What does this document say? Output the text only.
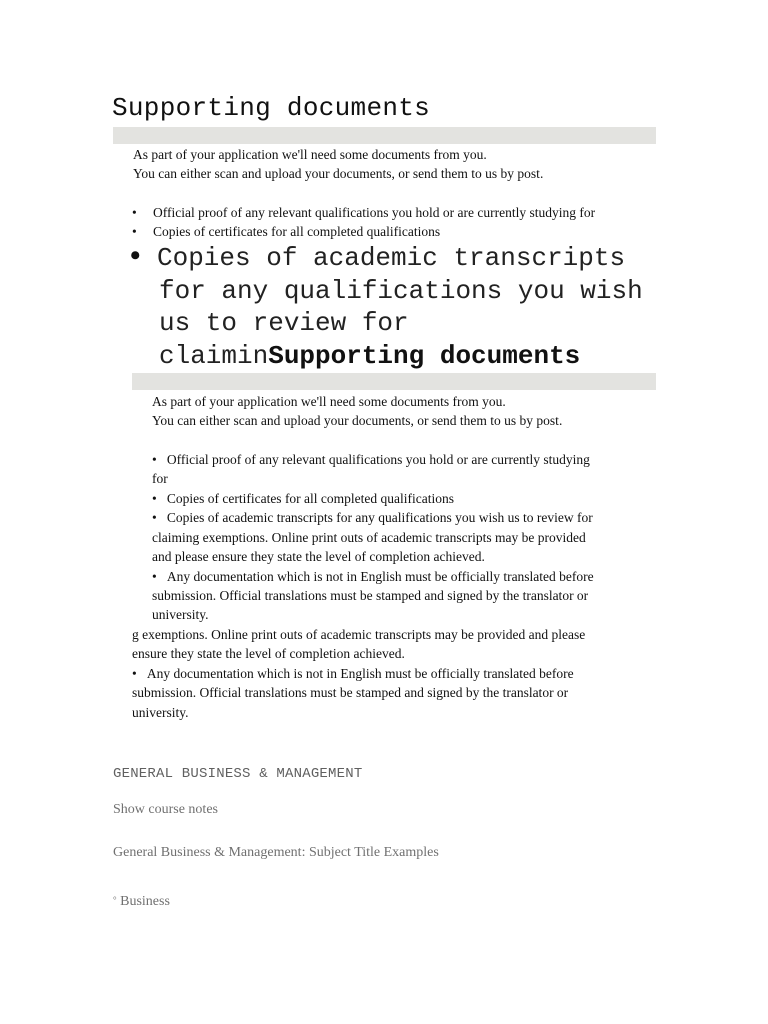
Supporting documents
As part of your application we'll need some documents from you.
You can either scan and upload your documents, or send them to us by post.
• Official proof of any relevant qualifications you hold or are currently studying for
• Copies of certificates for all completed qualifications
• Copies of academic transcripts
for any qualifications you wish
us to review for
claiminSupporting documents
As part of your application we'll need some documents from you.
You can either scan and upload your documents, or send them to us by post.
• Official proof of any relevant qualifications you hold or are currently studying
for
• Copies of certificates for all completed qualifications
• Copies of academic transcripts for any qualifications you wish us to review for
claiming exemptions. Online print outs of academic transcripts may be provided
and please ensure they state the level of completion achieved.
• Any documentation which is not in English must be officially translated before
submission. Official translations must be stamped and signed by the translator or
university.
g exemptions. Online print outs of academic transcripts may be provided and please
ensure they state the level of completion achieved.
• Any documentation which is not in English must be officially translated before
submission. Official translations must be stamped and signed by the translator or
university.
GENERAL BUSINESS & MANAGEMENT
Show course notes
General Business & Management: Subject Title Examples
° Business
